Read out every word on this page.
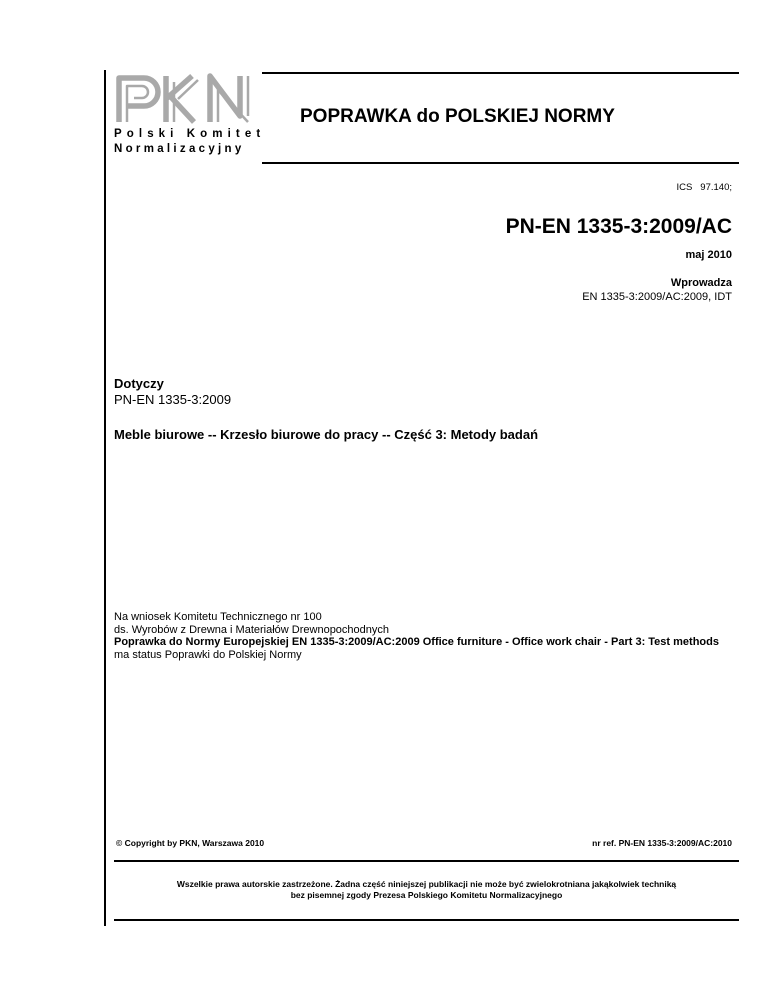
Polski Komitet
Normalizacyjny
POPRAWKA do POLSKIEJ NORMY
ICS 97.140;
PN-EN 1335-3:2009/AC
maj 2010
Wprowadza
EN 1335-3:2009/AC:2009, IDT
Dotyczy
PN-EN 1335-3:2009
Meble biurowe -- Krzesło biurowe do pracy -- Część 3: Metody badań
Na wniosek Komitetu Technicznego nr 100
ds. Wyrobów z Drewna i Materiałów Drewnopochodnych
Poprawka do Normy Europejskiej EN 1335-3:2009/AC:2009 Office furniture - Office work chair - Part 3: Test methods
ma status Poprawki do Polskiej Normy
© Copyright by PKN, Warszawa 2010	nr ref. PN-EN 1335-3:2009/AC:2010
Wszelkie prawa autorskie zastrzeżone. Żadna część niniejszej publikacji nie może być zwielokrotniana jakąkolwiek techniką
bez pisemnej zgody Prezesa Polskiego Komitetu Normalizacyjnego
